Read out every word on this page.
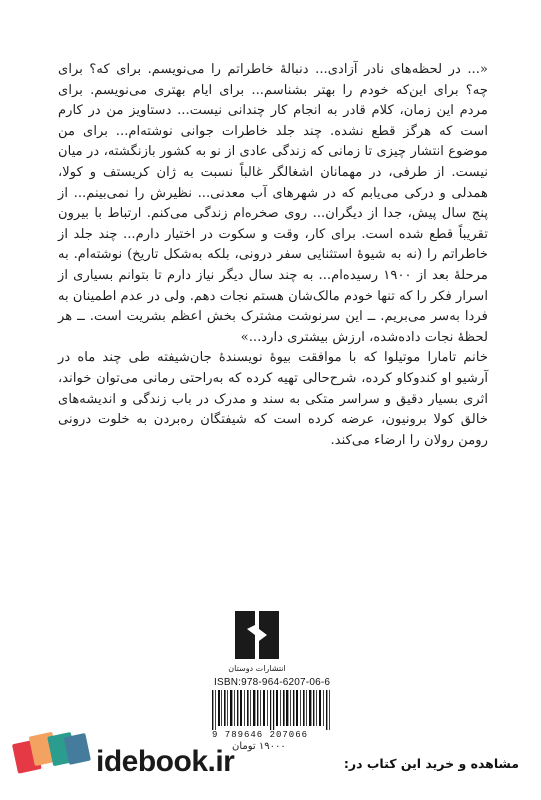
«... در لحظه‌های نادر آزادی... دنبالهٔ خاطراتم را می‌نویسم. برای که؟ برای چه؟ برای این‌که خودم را بهتر بشناسم... برای ایام بهتری می‌نویسم. برای مردم این زمان، کلام قادر به انجام کار چندانی نیست... دستاویز من در کارم است که هرگز قطع نشده. چند جلد خاطرات جوانی نوشته‌ام... برای من موضوع انتشار چیزی تا زمانی که زندگی عادی از نو به کشور بازنگشته، در میان نیست. از طرفی، در مهمانان اشغالگر غالباً نسبت به ژان کریستف و کولا، همدلی و درکی می‌یابم که در شهرهای آب معدنی... نظیرش را نمی‌بینم... از پنج سال پیش، جدا از دیگران... روی صخره‌ام زندگی می‌کنم. ارتباط با بیرون تقریباً قطع شده است. برای کار، وقت و سکوت در اختیار دارم... چند جلد از خاطراتم را (نه به شیوهٔ استثنایی سفر درونی، بلکه به‌شکل تاریخ) نوشته‌ام. به مرحلهٔ بعد از ۱۹۰۰ رسیده‌ام... به چند سال دیگر نیاز دارم تا بتوانم بسیاری از اسرار فکر را که تنها خودم مالک‌شان هستم نجات دهم. ولی در عدم اطمینان به فردا به‌سر می‌بریم. ــ این سرنوشت مشترک بخش اعظم بشریت است. ــ هر لحظهٔ نجات داده‌شده، ارزش بیشتری دارد...»

خانم تامارا موتیلوا که با موافقت بیوهٔ نویسندهٔ جان‌شیفته طی چند ماه در آرشیو او کندوکاو کرده، شرح‌حالی تهیه کرده که به‌راحتی رمانی می‌توان خواند، اثری بسیار دقیق و سراسر متکی به سند و مدرک در باب زندگی و اندیشه‌های خالق کولا برونیون، عرضه کرده است که شیفتگان ره‌بردن به خلوت درونی رومن رولان را ارضاء می‌کند.

انتشارات دوستان
ISBN:978-964-6207-06-6
9 789646 207066
۱۹۰۰۰ تومان
idebook.ir	مشاهده و خرید این کتاب در:
